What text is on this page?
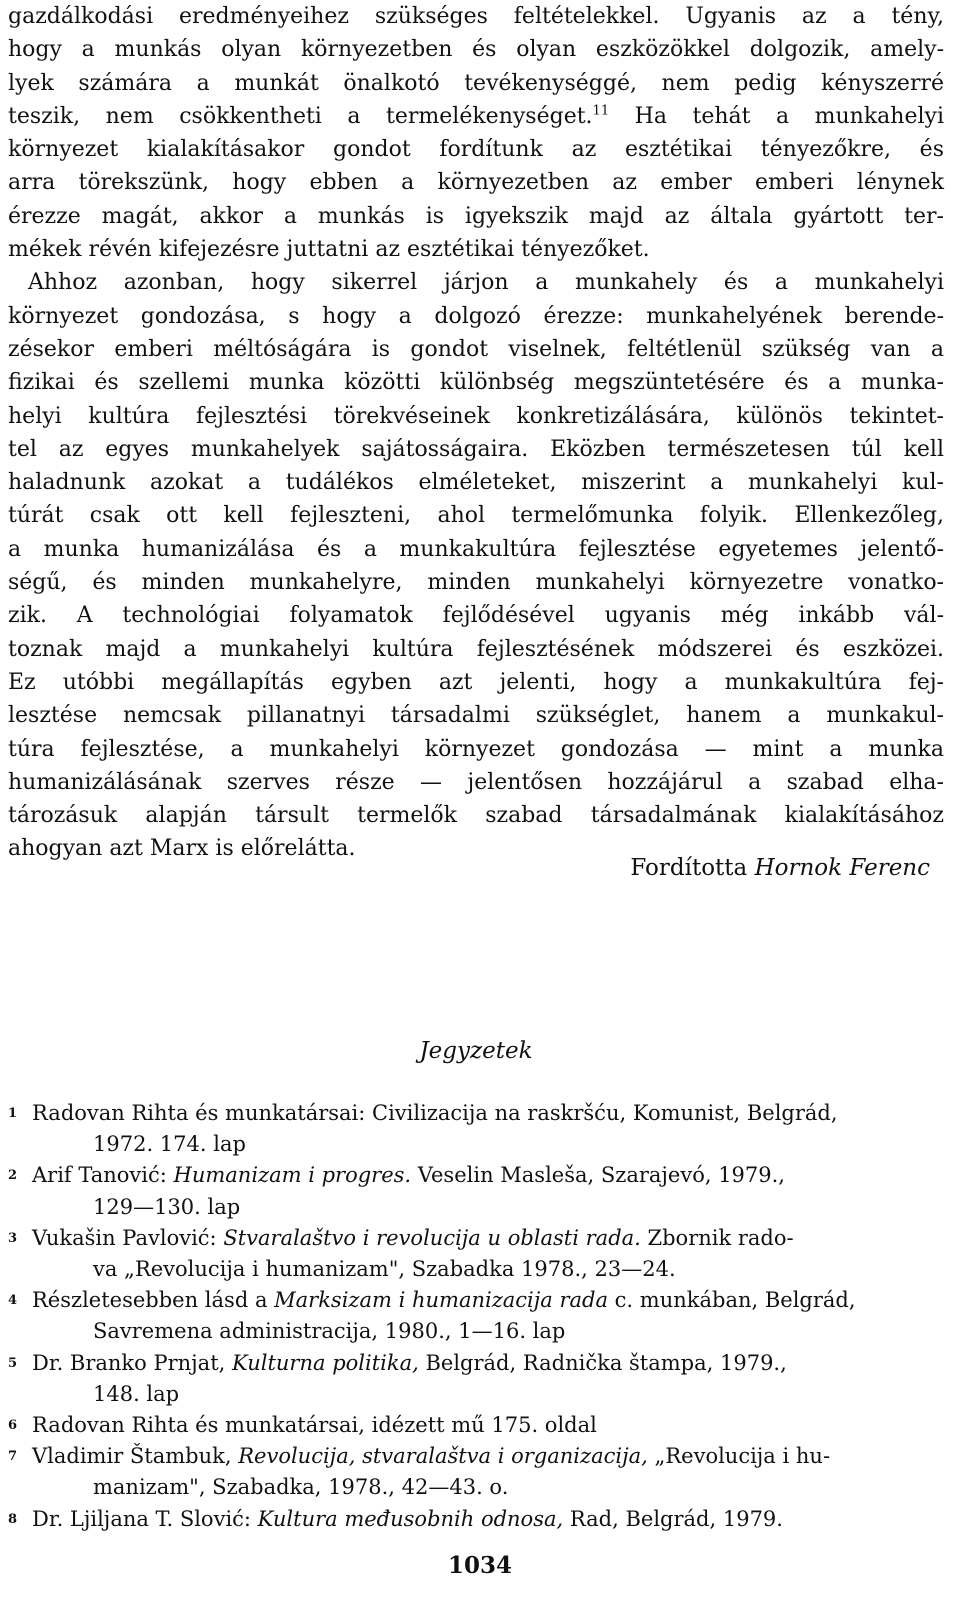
gazdálkodási eredményeihez szükséges feltételekkel. Ugyanis az a tény,
hogy a munkás olyan környezetben és olyan eszközökkel dolgozik, amely-
lyek számára a munkát önalkotó tevékenységgé, nem pedig kényszerré
teszik, nem csökkentheti a termelékenységet.$^{11}$ Ha tehát a munkahelyi
környezet kialakításakor gondot fordítunk az esztétikai tényezőkre, és
arra törekszünk, hogy ebben a környezetben az ember emberi lénynek
érezze magát, akkor a munkás is igyekszik majd az általa gyártott ter-
mékek révén kifejezésre juttatni az esztétikai tényezőket.

Ahhoz azonban, hogy sikerrel járjon a munkahely és a munkahelyi
környezet gondozása, s hogy a dolgozó érezze: munkahelyének berende-
zésekor emberi méltóságára is gondot viselnek, feltétlenül szükség van a
fizikai és szellemi munka közötti különbség megszüntetésére és a munka-
helyi kultúra fejlesztési törekvéseinek konkretizálására, különös tekintet-
tel az egyes munkahelyek sajátosságaira. Eközben természetesen túl kell
haladnunk azokat a tudálékos elméleteket, miszerint a munkahelyi kul-
túrát csak ott kell fejleszteni, ahol termelőmunka folyik. Ellenkezőleg,
a munka humanizálása és a munkakultúra fejlesztése egyetemes jelentő-
ségű, és minden munkahelyre, minden munkahelyi környezetre vonatko-
zik. A technológiai folyamatok fejlődésével ugyanis még inkább vál-
toznak majd a munkahelyi kultúra fejlesztésének módszerei és eszközei.
Ez utóbbi megállapítás egyben azt jelenti, hogy a munkakultúra fej-
lesztése nemcsak pillanatnyi társadalmi szükséglet, hanem a munkakul-
túra fejlesztése, a munkahelyi környezet gondozása — mint a munka
humanizálásának szerves része — jelentősen hozzájárul a szabad elha-
tározásuk alapján társult termelők szabad társadalmának kialakításához
ahogyan azt Marx is előrelátta.

Fordította Hornok Ferenc
Jegyzetek
1 Radovan Rihta és munkatársai: Civilizacija na raskršću, Komunist, Belgrád,
1972. 174. lap
2 Arif Tanović: Humanizam i progres. Veselin Masleša, Szarajevó, 1979.,
129—130. lap
3 Vukašin Pavlović: Stvaralaštvo i revolucija u oblasti rada. Zbornik rado-
va „Revolucija i humanizam", Szabadka 1978., 23—24.
4 Részletesebben lásd a Marksizam i humanizacija rada c. munkában, Belgrád,
Savremena administracija, 1980., 1—16. lap
5 Dr. Branko Prnjat, Kulturna politika, Belgrád, Radnička štampa, 1979.,
148. lap
6 Radovan Rihta és munkatársai, idézett mű 175. oldal
7 Vladimir Štambuk, Revolucija, stvaralaštva i organizacija, „Revolucija i hu-
manizam", Szabadka, 1978., 42—43. o.
8 Dr. Ljiljana T. Slović: Kultura međusobnih odnosa, Rad, Belgrád, 1979.
1034
